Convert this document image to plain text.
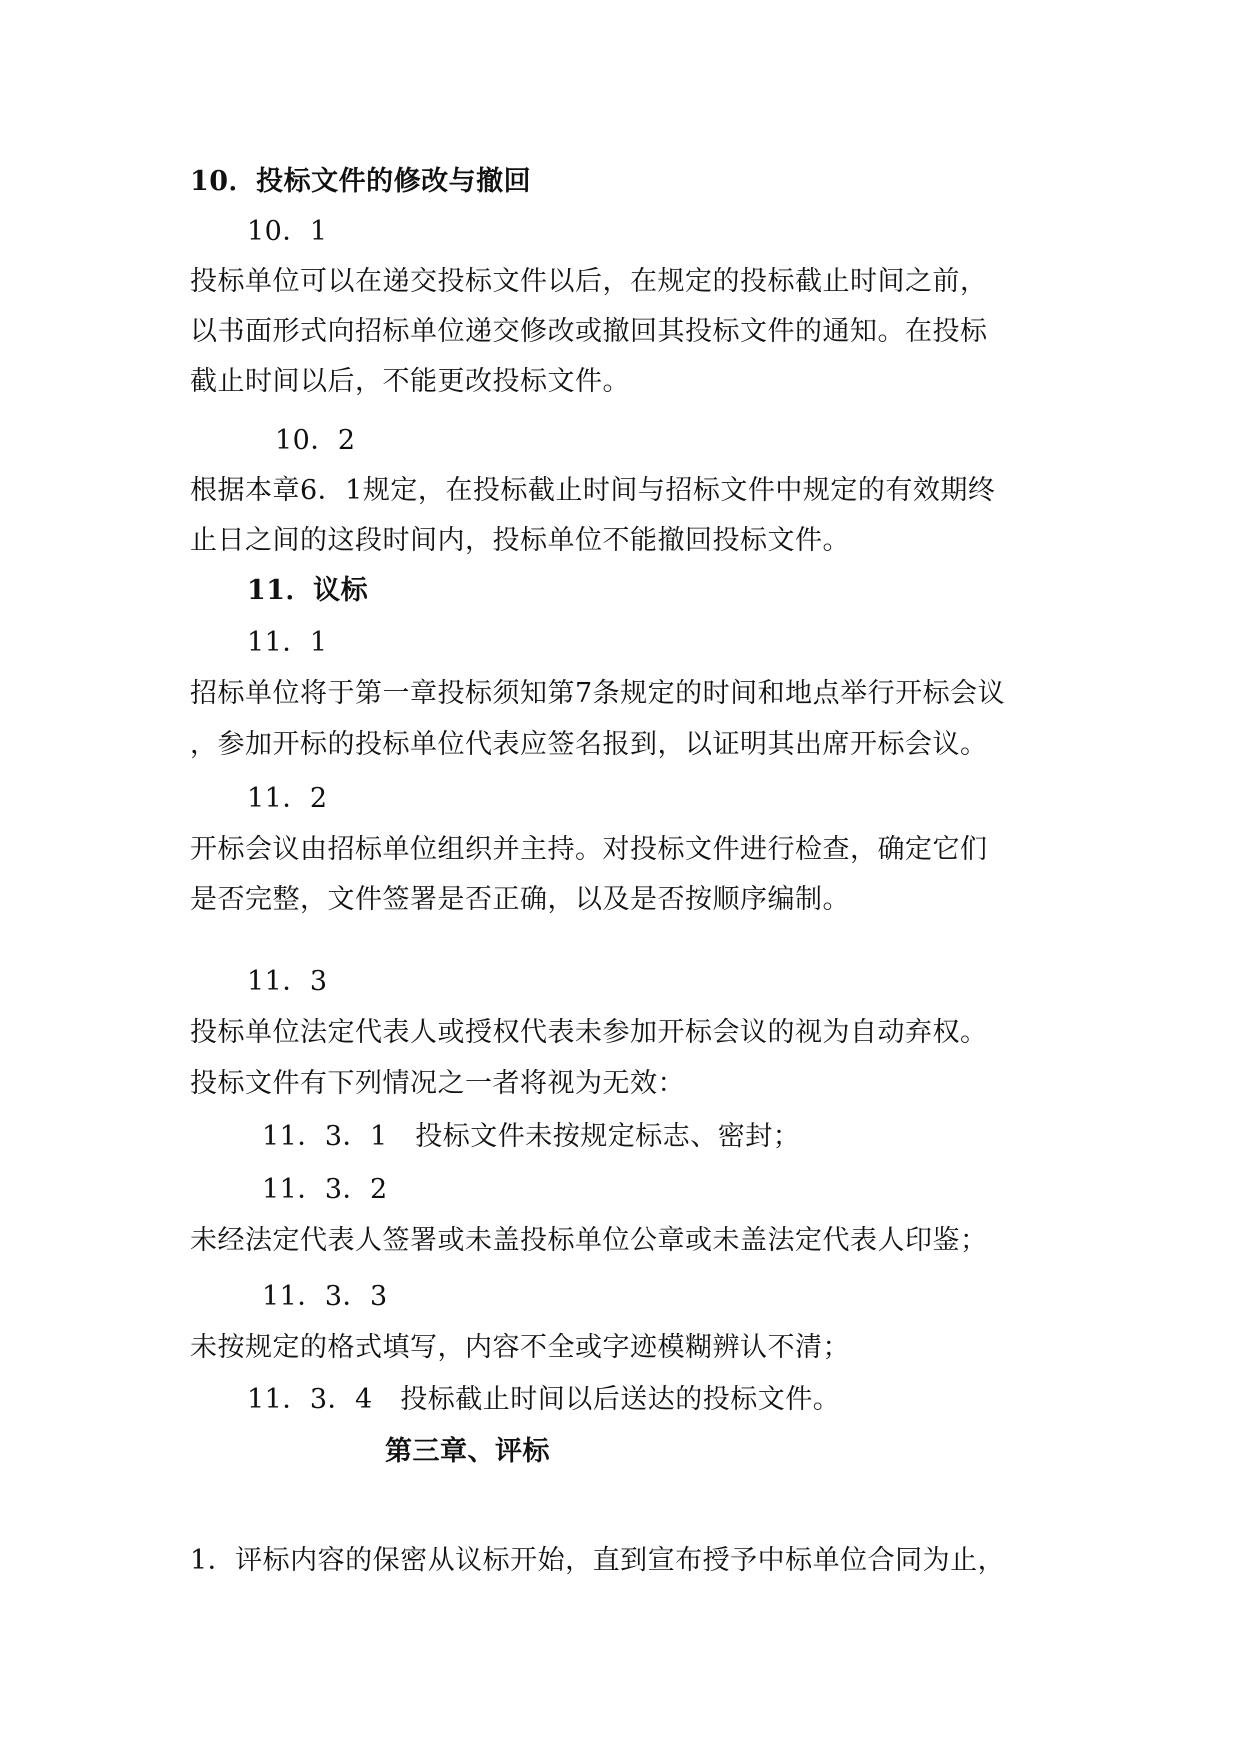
10．投标文件的修改与撤回
10．1
投标单位可以在递交投标文件以后，在规定的投标截止时间之前，
以书面形式向招标单位递交修改或撤回其投标文件的通知。在投标
截止时间以后，不能更改投标文件。
10．2
根据本章6．1规定，在投标截止时间与招标文件中规定的有效期终
止日之间的这段时间内，投标单位不能撤回投标文件。
11．议标
11．1
招标单位将于第一章投标须知第7条规定的时间和地点举行开标会议
，参加开标的投标单位代表应签名报到，以证明其出席开标会议。
11．2
开标会议由招标单位组织并主持。对投标文件进行检查，确定它们
是否完整，文件签署是否正确，以及是否按顺序编制。
11．3
投标单位法定代表人或授权代表未参加开标会议的视为自动弃权。
投标文件有下列情况之一者将视为无效：
11．3．1　投标文件未按规定标志、密封；
11．3．2
未经法定代表人签署或未盖投标单位公章或未盖法定代表人印鉴；
11．3．3
未按规定的格式填写，内容不全或字迹模糊辨认不清；
11．3．4　投标截止时间以后送达的投标文件。
第三章、评标
1．评标内容的保密从议标开始，直到宣布授予中标单位合同为止，
